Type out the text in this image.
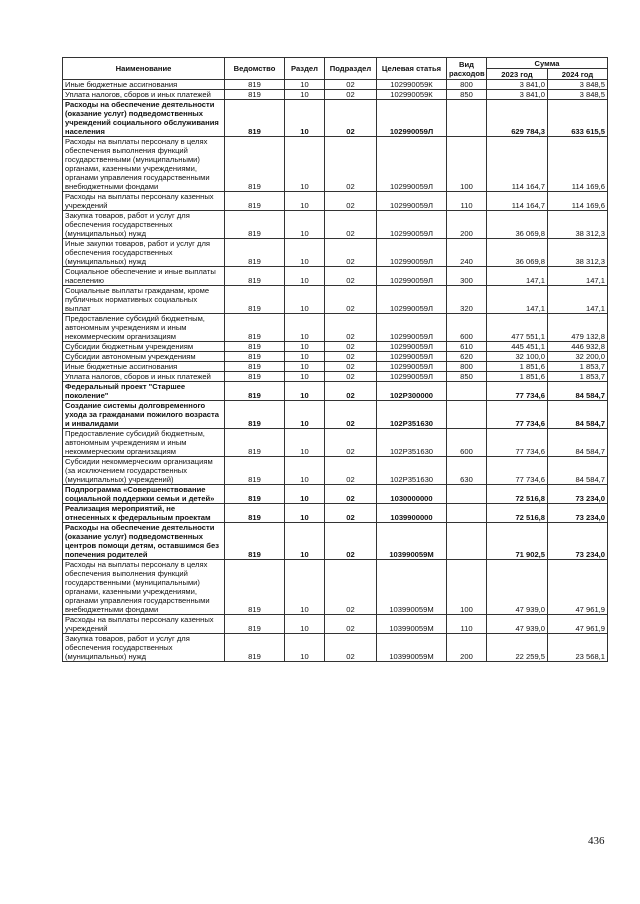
Наименование	Ведомство	Раздел	Подраздел	Целевая статья	Вид расходов	Сумма	
						2023 год	2024 год
Иные бюджетные ассигнования	819	10	02	102990059К	800	3 841,0	3 848,5
Уплата налогов, сборов и иных платежей	819	10	02	102990059К	850	3 841,0	3 848,5
Расходы на обеспечение деятельности (оказание услуг) подведомственных учреждений социального обслуживания населения	819	10	02	102990059Л		629 784,3	633 615,5
Расходы на выплаты персоналу в целях обеспечения выполнения функций государственными (муниципальными) органами, казенными учреждениями, органами управления государственными внебюджетными фондами	819	10	02	102990059Л	100	114 164,7	114 169,6
Расходы на выплаты персоналу казенных учреждений	819	10	02	102990059Л	110	114 164,7	114 169,6
Закупка товаров, работ и услуг для обеспечения государственных (муниципальных) нужд	819	10	02	102990059Л	200	36 069,8	38 312,3
Иные закупки товаров, работ и услуг для обеспечения государственных (муниципальных) нужд	819	10	02	102990059Л	240	36 069,8	38 312,3
Социальное обеспечение и иные выплаты населению	819	10	02	102990059Л	300	147,1	147,1
Социальные выплаты гражданам, кроме публичных нормативных социальных выплат	819	10	02	102990059Л	320	147,1	147,1
Предоставление субсидий бюджетным, автономным учреждениям и иным некоммерческим организациям	819	10	02	102990059Л	600	477 551,1	479 132,8
Субсидии бюджетным учреждениям	819	10	02	102990059Л	610	445 451,1	446 932,8
Субсидии автономным учреждениям	819	10	02	102990059Л	620	32 100,0	32 200,0
Иные бюджетные ассигнования	819	10	02	102990059Л	800	1 851,6	1 853,7
Уплата налогов, сборов и иных платежей	819	10	02	102990059Л	850	1 851,6	1 853,7
Федеральный проект "Старшее поколение"	819	10	02	102P300000		77 734,6	84 584,7
Создание системы долговременного ухода за гражданами пожилого возраста и инвалидами	819	10	02	102P351630		77 734,6	84 584,7
Предоставление субсидий бюджетным, автономным учреждениям и иным некоммерческим организациям	819	10	02	102P351630	600	77 734,6	84 584,7
Субсидии некоммерческим организациям (за исключением государственных (муниципальных) учреждений)	819	10	02	102P351630	630	77 734,6	84 584,7
Подпрограмма «Совершенствование социальной поддержки семьи и детей»	819	10	02	1030000000		72 516,8	73 234,0
Реализация мероприятий, не отнесенных к федеральным проектам	819	10	02	1039900000		72 516,8	73 234,0
Расходы на обеспечение деятельности (оказание услуг) подведомственных центров помощи детям, оставшимся без попечения родителей	819	10	02	103990059М		71 902,5	73 234,0
Расходы на выплаты персоналу в целях обеспечения выполнения функций государственными (муниципальными) органами, казенными учреждениями, органами управления государственными внебюджетными фондами	819	10	02	103990059М	100	47 939,0	47 961,9
Расходы на выплаты персоналу казенных учреждений	819	10	02	103990059М	110	47 939,0	47 961,9
Закупка товаров, работ и услуг для обеспечения государственных (муниципальных) нужд	819	10	02	103990059М	200	22 259,5	23 568,1
436
